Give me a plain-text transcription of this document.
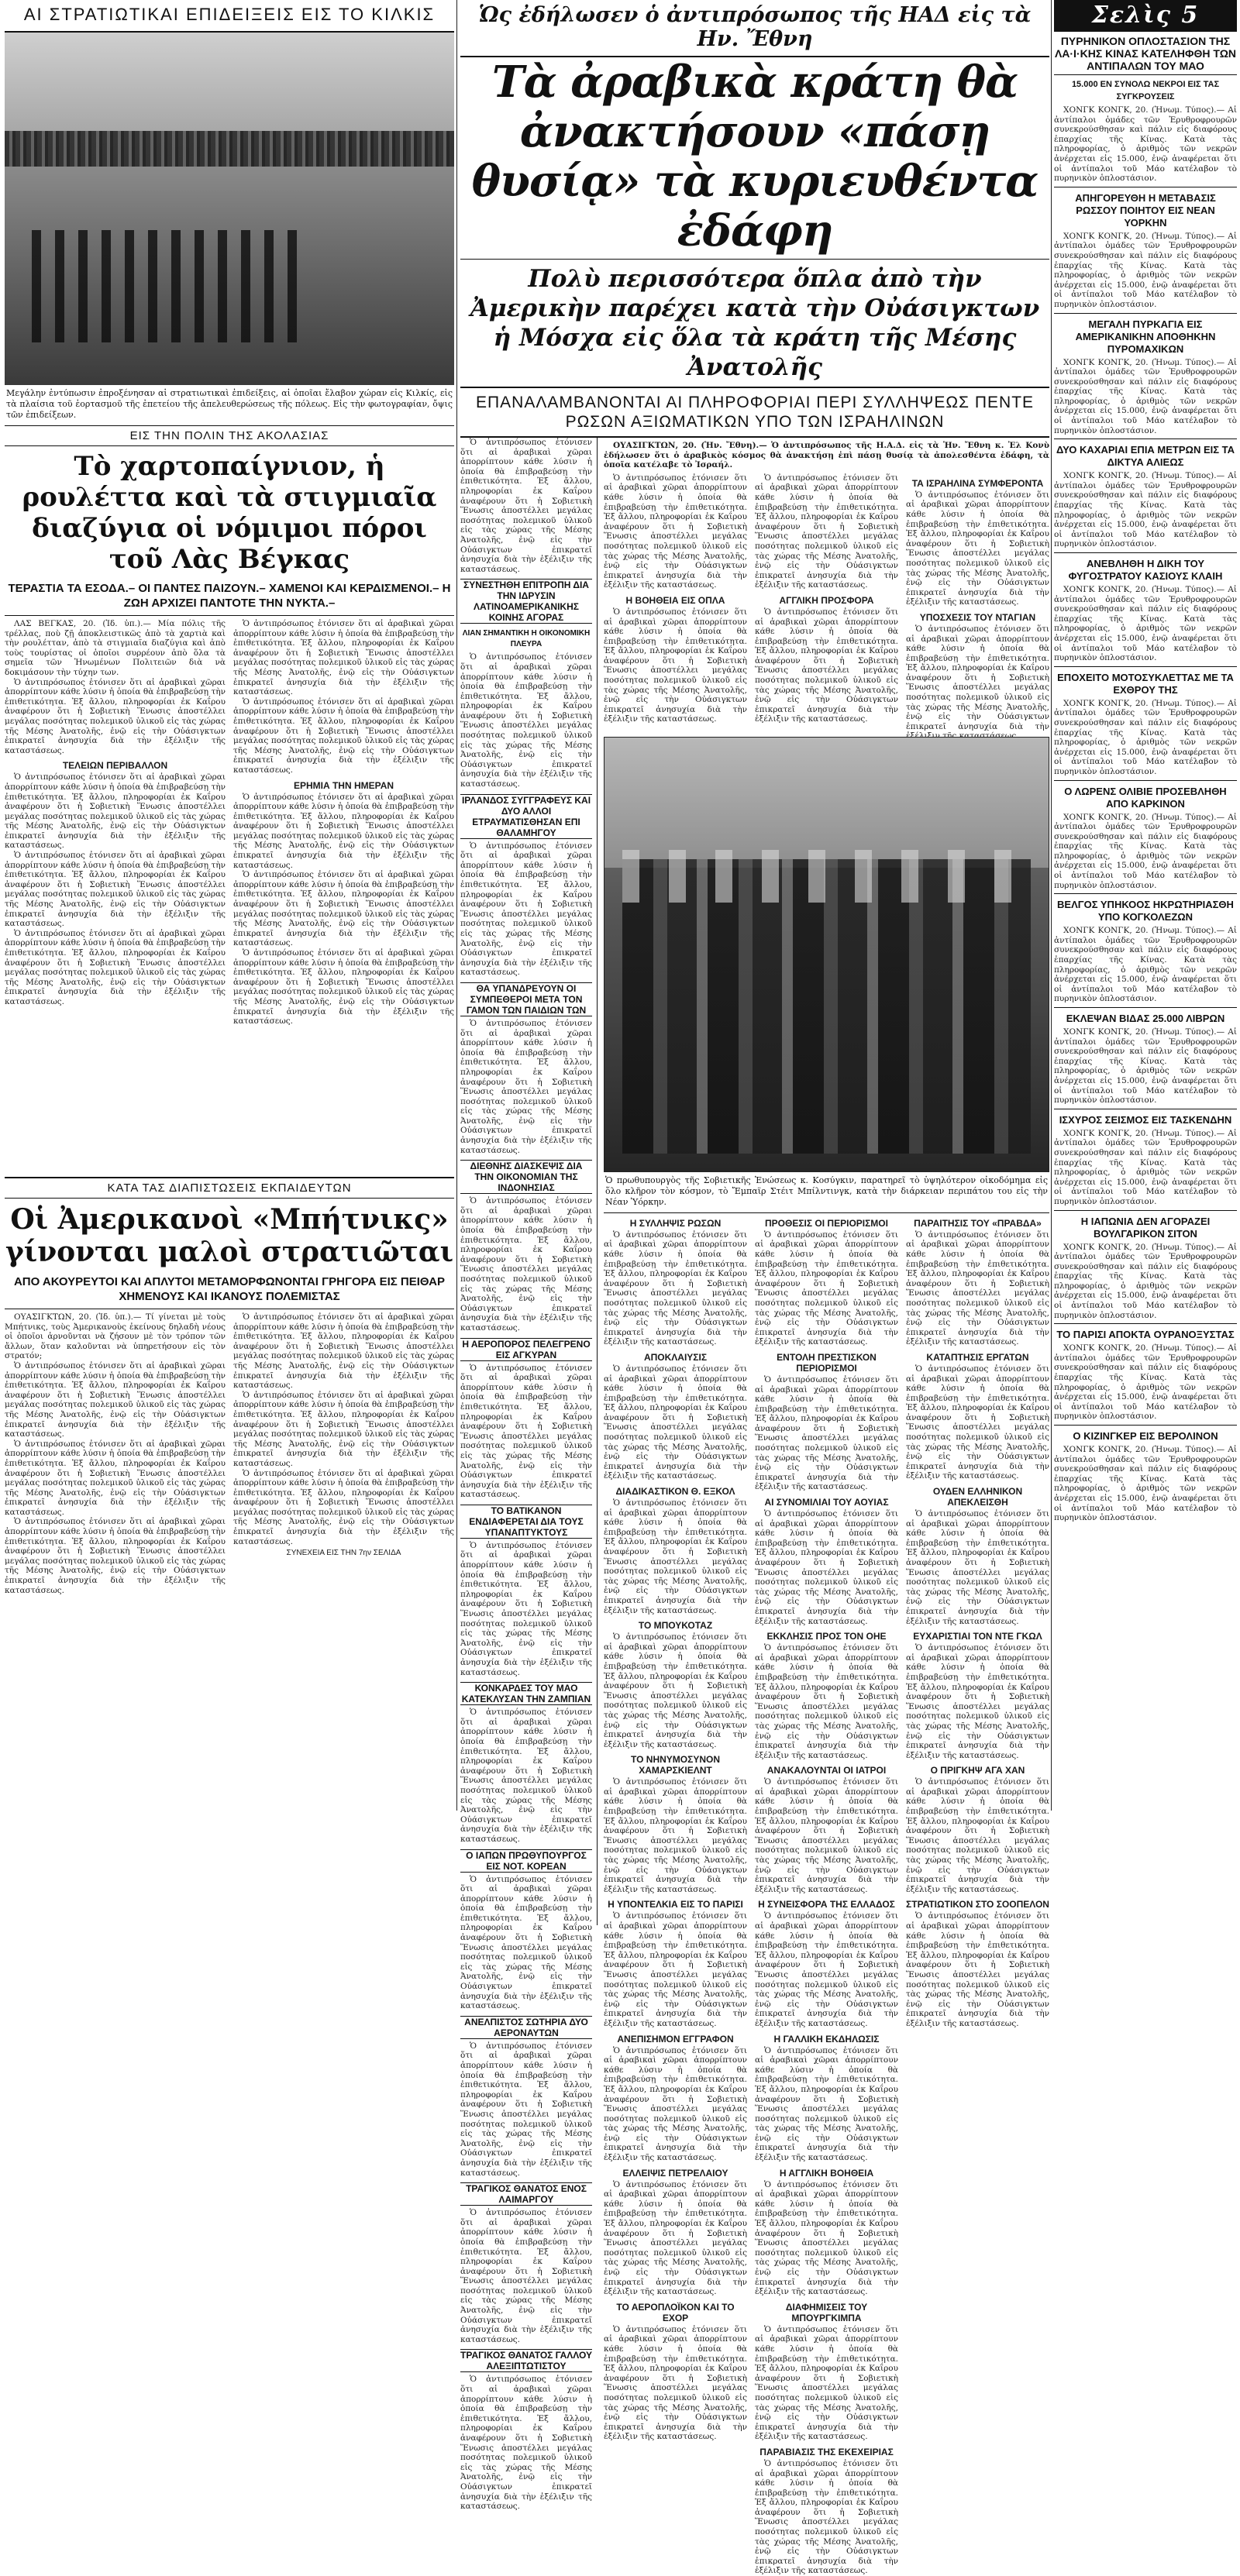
ΑΙ ΣΤΡΑΤΙΩΤΙΚΑΙ ΕΠΙΔΕΙΞΕΙΣ ΕΙΣ ΤΟ ΚΙΛΚΙΣ
Μεγάλην ἐντύπωσιν ἐπροξένησαν αἱ στρατιωτικαὶ ἐπιδείξεις, αἱ ὁποῖαι ἔλαβον χώραν εἰς Κιλκίς, εἰς τὰ πλαίσια τοῦ ἑορτασμοῦ τῆς ἐπετείου τῆς ἀπελευθερώσεως τῆς πόλεως. Εἰς τὴν φωτογραφίαν, ὄψις τῶν ἐπιδείξεων.
ΕΙΣ ΤΗΝ ΠΟΛΙΝ ΤΗΣ ΑΚΟΛΑΣΙΑΣ
Τὸ χαρτοπαίγνιον, ἡ ρουλέττα καὶ τὰ στιγμιαῖα διαζύγια οἱ νόμιμοι πόροι τοῦ Λὰς Βέγκας
ΤΕΡΑΣΤΙΑ ΤΑ ΕΣΟΔΑ.– ΟΙ ΠΑΝΤΕΣ ΠΑΙΖΟΥΝ.– ΧΑΜΕΝΟΙ ΚΑΙ ΚΕΡΔΙΣΜΕΝΟΙ.– Η ΖΩΗ ΑΡΧΙΖΕΙ ΠΑΝΤΟΤΕ ΤΗΝ ΝΥΚΤΑ.–

ΛΑΣ ΒΕΓΚΑΣ, 20. (Ἰδ. ὑπ.).— Μία πόλις τῆς τρέλλας, ποὺ ζῇ ἀποκλειστικῶς ἀπὸ τὰ χαρτιὰ καὶ τὴν ρουλέτταν, ἀπὸ τὰ στιγμιαῖα διαζύγια καὶ ἀπὸ τοὺς τουρίστας οἱ ὁποῖοι συρρέουν ἀπὸ ὅλα τὰ σημεῖα τῶν Ἡνωμένων Πολιτειῶν διὰ νὰ δοκιμάσουν τὴν τύχην των.

Ὁ ἀντιπρόσωπος ἐτόνισεν ὅτι αἱ ἀραβικαὶ χῶραι ἀπορρίπτουν κάθε λύσιν ἡ ὁποία θὰ ἐπιβραβεύσῃ τὴν ἐπιθετικότητα. Ἐξ ἄλλου, πληροφορίαι ἐκ Καΐρου ἀναφέρουν ὅτι ἡ Σοβιετικὴ Ἕνωσις ἀποστέλλει μεγάλας ποσότητας πολεμικοῦ ὑλικοῦ εἰς τὰς χώρας τῆς Μέσης Ἀνατολῆς, ἐνῷ εἰς τὴν Οὐάσιγκτων ἐπικρατεῖ ἀνησυχία διὰ τὴν ἐξέλιξιν τῆς καταστάσεως.

ΤΕΛΕΙΩΝ ΠΕΡΙΒΑΛΛΟΝ

Ὁ ἀντιπρόσωπος ἐτόνισεν ὅτι αἱ ἀραβικαὶ χῶραι ἀπορρίπτουν κάθε λύσιν ἡ ὁποία θὰ ἐπιβραβεύσῃ τὴν ἐπιθετικότητα. Ἐξ ἄλλου, πληροφορίαι ἐκ Καΐρου ἀναφέρουν ὅτι ἡ Σοβιετικὴ Ἕνωσις ἀποστέλλει μεγάλας ποσότητας πολεμικοῦ ὑλικοῦ εἰς τὰς χώρας τῆς Μέσης Ἀνατολῆς, ἐνῷ εἰς τὴν Οὐάσιγκτων ἐπικρατεῖ ἀνησυχία διὰ τὴν ἐξέλιξιν τῆς καταστάσεως.

Ὁ ἀντιπρόσωπος ἐτόνισεν ὅτι αἱ ἀραβικαὶ χῶραι ἀπορρίπτουν κάθε λύσιν ἡ ὁποία θὰ ἐπιβραβεύσῃ τὴν ἐπιθετικότητα. Ἐξ ἄλλου, πληροφορίαι ἐκ Καΐρου ἀναφέρουν ὅτι ἡ Σοβιετικὴ Ἕνωσις ἀποστέλλει μεγάλας ποσότητας πολεμικοῦ ὑλικοῦ εἰς τὰς χώρας τῆς Μέσης Ἀνατολῆς, ἐνῷ εἰς τὴν Οὐάσιγκτων ἐπικρατεῖ ἀνησυχία διὰ τὴν ἐξέλιξιν τῆς καταστάσεως.

Ὁ ἀντιπρόσωπος ἐτόνισεν ὅτι αἱ ἀραβικαὶ χῶραι ἀπορρίπτουν κάθε λύσιν ἡ ὁποία θὰ ἐπιβραβεύσῃ τὴν ἐπιθετικότητα. Ἐξ ἄλλου, πληροφορίαι ἐκ Καΐρου ἀναφέρουν ὅτι ἡ Σοβιετικὴ Ἕνωσις ἀποστέλλει μεγάλας ποσότητας πολεμικοῦ ὑλικοῦ εἰς τὰς χώρας τῆς Μέσης Ἀνατολῆς, ἐνῷ εἰς τὴν Οὐάσιγκτων ἐπικρατεῖ ἀνησυχία διὰ τὴν ἐξέλιξιν τῆς καταστάσεως.

Ὁ ἀντιπρόσωπος ἐτόνισεν ὅτι αἱ ἀραβικαὶ χῶραι ἀπορρίπτουν κάθε λύσιν ἡ ὁποία θὰ ἐπιβραβεύσῃ τὴν ἐπιθετικότητα. Ἐξ ἄλλου, πληροφορίαι ἐκ Καΐρου ἀναφέρουν ὅτι ἡ Σοβιετικὴ Ἕνωσις ἀποστέλλει μεγάλας ποσότητας πολεμικοῦ ὑλικοῦ εἰς τὰς χώρας τῆς Μέσης Ἀνατολῆς, ἐνῷ εἰς τὴν Οὐάσιγκτων ἐπικρατεῖ ἀνησυχία διὰ τὴν ἐξέλιξιν τῆς καταστάσεως.

Ὁ ἀντιπρόσωπος ἐτόνισεν ὅτι αἱ ἀραβικαὶ χῶραι ἀπορρίπτουν κάθε λύσιν ἡ ὁποία θὰ ἐπιβραβεύσῃ τὴν ἐπιθετικότητα. Ἐξ ἄλλου, πληροφορίαι ἐκ Καΐρου ἀναφέρουν ὅτι ἡ Σοβιετικὴ Ἕνωσις ἀποστέλλει μεγάλας ποσότητας πολεμικοῦ ὑλικοῦ εἰς τὰς χώρας τῆς Μέσης Ἀνατολῆς, ἐνῷ εἰς τὴν Οὐάσιγκτων ἐπικρατεῖ ἀνησυχία διὰ τὴν ἐξέλιξιν τῆς καταστάσεως.

ΕΡΗΜΙΑ ΤΗΝ ΗΜΕΡΑΝ

Ὁ ἀντιπρόσωπος ἐτόνισεν ὅτι αἱ ἀραβικαὶ χῶραι ἀπορρίπτουν κάθε λύσιν ἡ ὁποία θὰ ἐπιβραβεύσῃ τὴν ἐπιθετικότητα. Ἐξ ἄλλου, πληροφορίαι ἐκ Καΐρου ἀναφέρουν ὅτι ἡ Σοβιετικὴ Ἕνωσις ἀποστέλλει μεγάλας ποσότητας πολεμικοῦ ὑλικοῦ εἰς τὰς χώρας τῆς Μέσης Ἀνατολῆς, ἐνῷ εἰς τὴν Οὐάσιγκτων ἐπικρατεῖ ἀνησυχία διὰ τὴν ἐξέλιξιν τῆς καταστάσεως.

Ὁ ἀντιπρόσωπος ἐτόνισεν ὅτι αἱ ἀραβικαὶ χῶραι ἀπορρίπτουν κάθε λύσιν ἡ ὁποία θὰ ἐπιβραβεύσῃ τὴν ἐπιθετικότητα. Ἐξ ἄλλου, πληροφορίαι ἐκ Καΐρου ἀναφέρουν ὅτι ἡ Σοβιετικὴ Ἕνωσις ἀποστέλλει μεγάλας ποσότητας πολεμικοῦ ὑλικοῦ εἰς τὰς χώρας τῆς Μέσης Ἀνατολῆς, ἐνῷ εἰς τὴν Οὐάσιγκτων ἐπικρατεῖ ἀνησυχία διὰ τὴν ἐξέλιξιν τῆς καταστάσεως.

Ὁ ἀντιπρόσωπος ἐτόνισεν ὅτι αἱ ἀραβικαὶ χῶραι ἀπορρίπτουν κάθε λύσιν ἡ ὁποία θὰ ἐπιβραβεύσῃ τὴν ἐπιθετικότητα. Ἐξ ἄλλου, πληροφορίαι ἐκ Καΐρου ἀναφέρουν ὅτι ἡ Σοβιετικὴ Ἕνωσις ἀποστέλλει μεγάλας ποσότητας πολεμικοῦ ὑλικοῦ εἰς τὰς χώρας τῆς Μέσης Ἀνατολῆς, ἐνῷ εἰς τὴν Οὐάσιγκτων ἐπικρατεῖ ἀνησυχία διὰ τὴν ἐξέλιξιν τῆς καταστάσεως.

ΚΑΤΑ ΤΑΣ ΔΙΑΠΙΣΤΩΣΕΙΣ ΕΚΠΑΙΔΕΥΤΩΝ
Οἱ Ἀμερικανοὶ «Μπήτνικς» γίνονται μαλοὶ στρατιῶται
ΑΠΟ ΑΚΟΥΡΕΥΤΟΙ ΚΑΙ ΑΠΛΥΤΟΙ ΜΕΤΑΜΟΡΦΩΝΟΝΤΑΙ ΓΡΗΓΟΡΑ ΕΙΣ ΠΕΙΘΑΡ ΧΗΜΕΝΟΥΣ ΚΑΙ ΙΚΑΝΟΥΣ ΠΟΛΕΜΙΣΤΑΣ

ΟΥΑΣΙΓΚΤΩΝ, 20. (Ἰδ. ὑπ.).— Τί γίνεται μὲ τοὺς Μπήτνικς, τοὺς Ἀμερικανοὺς ἐκείνους δηλαδὴ νέους οἱ ὁποῖοι ἀρνοῦνται νὰ ζήσουν μὲ τὸν τρόπον τῶν ἄλλων, ὅταν καλοῦνται νὰ ὑπηρετήσουν εἰς τὸν στρατόν;

Ὁ ἀντιπρόσωπος ἐτόνισεν ὅτι αἱ ἀραβικαὶ χῶραι ἀπορρίπτουν κάθε λύσιν ἡ ὁποία θὰ ἐπιβραβεύσῃ τὴν ἐπιθετικότητα. Ἐξ ἄλλου, πληροφορίαι ἐκ Καΐρου ἀναφέρουν ὅτι ἡ Σοβιετικὴ Ἕνωσις ἀποστέλλει μεγάλας ποσότητας πολεμικοῦ ὑλικοῦ εἰς τὰς χώρας τῆς Μέσης Ἀνατολῆς, ἐνῷ εἰς τὴν Οὐάσιγκτων ἐπικρατεῖ ἀνησυχία διὰ τὴν ἐξέλιξιν τῆς καταστάσεως.

Ὁ ἀντιπρόσωπος ἐτόνισεν ὅτι αἱ ἀραβικαὶ χῶραι ἀπορρίπτουν κάθε λύσιν ἡ ὁποία θὰ ἐπιβραβεύσῃ τὴν ἐπιθετικότητα. Ἐξ ἄλλου, πληροφορίαι ἐκ Καΐρου ἀναφέρουν ὅτι ἡ Σοβιετικὴ Ἕνωσις ἀποστέλλει μεγάλας ποσότητας πολεμικοῦ ὑλικοῦ εἰς τὰς χώρας τῆς Μέσης Ἀνατολῆς, ἐνῷ εἰς τὴν Οὐάσιγκτων ἐπικρατεῖ ἀνησυχία διὰ τὴν ἐξέλιξιν τῆς καταστάσεως.

Ὁ ἀντιπρόσωπος ἐτόνισεν ὅτι αἱ ἀραβικαὶ χῶραι ἀπορρίπτουν κάθε λύσιν ἡ ὁποία θὰ ἐπιβραβεύσῃ τὴν ἐπιθετικότητα. Ἐξ ἄλλου, πληροφορίαι ἐκ Καΐρου ἀναφέρουν ὅτι ἡ Σοβιετικὴ Ἕνωσις ἀποστέλλει μεγάλας ποσότητας πολεμικοῦ ὑλικοῦ εἰς τὰς χώρας τῆς Μέσης Ἀνατολῆς, ἐνῷ εἰς τὴν Οὐάσιγκτων ἐπικρατεῖ ἀνησυχία διὰ τὴν ἐξέλιξιν τῆς καταστάσεως.

Ὁ ἀντιπρόσωπος ἐτόνισεν ὅτι αἱ ἀραβικαὶ χῶραι ἀπορρίπτουν κάθε λύσιν ἡ ὁποία θὰ ἐπιβραβεύσῃ τὴν ἐπιθετικότητα. Ἐξ ἄλλου, πληροφορίαι ἐκ Καΐρου ἀναφέρουν ὅτι ἡ Σοβιετικὴ Ἕνωσις ἀποστέλλει μεγάλας ποσότητας πολεμικοῦ ὑλικοῦ εἰς τὰς χώρας τῆς Μέσης Ἀνατολῆς, ἐνῷ εἰς τὴν Οὐάσιγκτων ἐπικρατεῖ ἀνησυχία διὰ τὴν ἐξέλιξιν τῆς καταστάσεως.

Ὁ ἀντιπρόσωπος ἐτόνισεν ὅτι αἱ ἀραβικαὶ χῶραι ἀπορρίπτουν κάθε λύσιν ἡ ὁποία θὰ ἐπιβραβεύσῃ τὴν ἐπιθετικότητα. Ἐξ ἄλλου, πληροφορίαι ἐκ Καΐρου ἀναφέρουν ὅτι ἡ Σοβιετικὴ Ἕνωσις ἀποστέλλει μεγάλας ποσότητας πολεμικοῦ ὑλικοῦ εἰς τὰς χώρας τῆς Μέσης Ἀνατολῆς, ἐνῷ εἰς τὴν Οὐάσιγκτων ἐπικρατεῖ ἀνησυχία διὰ τὴν ἐξέλιξιν τῆς καταστάσεως.

Ὁ ἀντιπρόσωπος ἐτόνισεν ὅτι αἱ ἀραβικαὶ χῶραι ἀπορρίπτουν κάθε λύσιν ἡ ὁποία θὰ ἐπιβραβεύσῃ τὴν ἐπιθετικότητα. Ἐξ ἄλλου, πληροφορίαι ἐκ Καΐρου ἀναφέρουν ὅτι ἡ Σοβιετικὴ Ἕνωσις ἀποστέλλει μεγάλας ποσότητας πολεμικοῦ ὑλικοῦ εἰς τὰς χώρας τῆς Μέσης Ἀνατολῆς, ἐνῷ εἰς τὴν Οὐάσιγκτων ἐπικρατεῖ ἀνησυχία διὰ τὴν ἐξέλιξιν τῆς καταστάσεως.

ΣΥΝΕΧΕΙΑ ΕΙΣ ΤΗΝ 7ην ΣΕΛΙΔΑ
Ὡς ἐδήλωσεν ὁ ἀντιπρόσωπος τῆς ΗΑΔ εἰς τὰ Ην. Ἔθνη
Τὰ ἀραβικὰ κράτη θὰ ἀνακτήσουν «πάσῃ θυσίᾳ» τὰ κυριευθέντα ἐδάφη
Πολὺ περισσότερα ὅπλα ἀπὸ τὴν Ἀμερικὴν παρέχει κατὰ τὴν Οὐάσιγκτων ἡ Μόσχα εἰς ὅλα τὰ κράτη τῆς Μέσης Ἀνατολῆς
ΕΠΑΝΑΛΑΜΒΑΝΟΝΤΑΙ ΑΙ ΠΛΗΡΟΦΟΡΙΑΙ ΠΕΡΙ ΣΥΛΛΗΨΕΩΣ ΠΕΝΤΕ ΡΩΣΩΝ ΑΞΙΩΜΑΤΙΚΩΝ ΥΠΟ ΤΩΝ ΙΣΡΑΗΛΙΝΩΝ

Ὁ ἀντιπρόσωπος ἐτόνισεν ὅτι αἱ ἀραβικαὶ χῶραι ἀπορρίπτουν κάθε λύσιν ἡ ὁποία θὰ ἐπιβραβεύσῃ τὴν ἐπιθετικότητα. Ἐξ ἄλλου, πληροφορίαι ἐκ Καΐρου ἀναφέρουν ὅτι ἡ Σοβιετικὴ Ἕνωσις ἀποστέλλει μεγάλας ποσότητας πολεμικοῦ ὑλικοῦ εἰς τὰς χώρας τῆς Μέσης Ἀνατολῆς, ἐνῷ εἰς τὴν Οὐάσιγκτων ἐπικρατεῖ ἀνησυχία διὰ τὴν ἐξέλιξιν τῆς καταστάσεως.

ΣΥΝΕΣΤΗΘΗ ΕΠΙΤΡΟΠΗ ΔΙΑ ΤΗΝ ΙΔΡΥΣΙΝ ΛΑΤΙΝΟΑΜΕΡΙΚΑΝΙΚΗΣ ΚΟΙΝΗΣ ΑΓΟΡΑΣ
ΛΙΑΝ ΣΗΜΑΝΤΙΚΗ Η ΟΙΚΟΝΟΜΙΚΗ ΠΛΕΥΡΑ

Ὁ ἀντιπρόσωπος ἐτόνισεν ὅτι αἱ ἀραβικαὶ χῶραι ἀπορρίπτουν κάθε λύσιν ἡ ὁποία θὰ ἐπιβραβεύσῃ τὴν ἐπιθετικότητα. Ἐξ ἄλλου, πληροφορίαι ἐκ Καΐρου ἀναφέρουν ὅτι ἡ Σοβιετικὴ Ἕνωσις ἀποστέλλει μεγάλας ποσότητας πολεμικοῦ ὑλικοῦ εἰς τὰς χώρας τῆς Μέσης Ἀνατολῆς, ἐνῷ εἰς τὴν Οὐάσιγκτων ἐπικρατεῖ ἀνησυχία διὰ τὴν ἐξέλιξιν τῆς καταστάσεως.

ΙΡΛΑΝΔΟΣ ΣΥΓΓΡΑΦΕΥΣ ΚΑΙ ΔΥΟ ΑΛΛΟΙ ΕΤΡΑΥΜΑΤΙΣΘΗΣΑΝ ΕΠΙ ΘΑΛΑΜΗΓΟΥ

Ὁ ἀντιπρόσωπος ἐτόνισεν ὅτι αἱ ἀραβικαὶ χῶραι ἀπορρίπτουν κάθε λύσιν ἡ ὁποία θὰ ἐπιβραβεύσῃ τὴν ἐπιθετικότητα. Ἐξ ἄλλου, πληροφορίαι ἐκ Καΐρου ἀναφέρουν ὅτι ἡ Σοβιετικὴ Ἕνωσις ἀποστέλλει μεγάλας ποσότητας πολεμικοῦ ὑλικοῦ εἰς τὰς χώρας τῆς Μέσης Ἀνατολῆς, ἐνῷ εἰς τὴν Οὐάσιγκτων ἐπικρατεῖ ἀνησυχία διὰ τὴν ἐξέλιξιν τῆς καταστάσεως.

ΘΑ ΥΠΑΝΔΡΕΥΟΥΝ ΟΙ ΣΥΜΠΕΘΕΡΟΙ ΜΕΤΑ ΤΟΝ ΓΑΜΟΝ ΤΩΝ ΠΑΙΔΙΩΝ ΤΩΝ

Ὁ ἀντιπρόσωπος ἐτόνισεν ὅτι αἱ ἀραβικαὶ χῶραι ἀπορρίπτουν κάθε λύσιν ἡ ὁποία θὰ ἐπιβραβεύσῃ τὴν ἐπιθετικότητα. Ἐξ ἄλλου, πληροφορίαι ἐκ Καΐρου ἀναφέρουν ὅτι ἡ Σοβιετικὴ Ἕνωσις ἀποστέλλει μεγάλας ποσότητας πολεμικοῦ ὑλικοῦ εἰς τὰς χώρας τῆς Μέσης Ἀνατολῆς, ἐνῷ εἰς τὴν Οὐάσιγκτων ἐπικρατεῖ ἀνησυχία διὰ τὴν ἐξέλιξιν τῆς καταστάσεως.

ΔΙΕΘΝΗΣ ΔΙΑΣΚΕΨΙΣ ΔΙΑ ΤΗΝ ΟΙΚΟΝΟΜΙΑΝ ΤΗΣ ΙΝΔΟΝΗΣΙΑΣ

Ὁ ἀντιπρόσωπος ἐτόνισεν ὅτι αἱ ἀραβικαὶ χῶραι ἀπορρίπτουν κάθε λύσιν ἡ ὁποία θὰ ἐπιβραβεύσῃ τὴν ἐπιθετικότητα. Ἐξ ἄλλου, πληροφορίαι ἐκ Καΐρου ἀναφέρουν ὅτι ἡ Σοβιετικὴ Ἕνωσις ἀποστέλλει μεγάλας ποσότητας πολεμικοῦ ὑλικοῦ εἰς τὰς χώρας τῆς Μέσης Ἀνατολῆς, ἐνῷ εἰς τὴν Οὐάσιγκτων ἐπικρατεῖ ἀνησυχία διὰ τὴν ἐξέλιξιν τῆς καταστάσεως.

Η ΑΕΡΟΠΟΡΟΣ ΠΕΛΕΓΡΕΝΟ ΕΙΣ ΑΓΚΥΡΑΝ

Ὁ ἀντιπρόσωπος ἐτόνισεν ὅτι αἱ ἀραβικαὶ χῶραι ἀπορρίπτουν κάθε λύσιν ἡ ὁποία θὰ ἐπιβραβεύσῃ τὴν ἐπιθετικότητα. Ἐξ ἄλλου, πληροφορίαι ἐκ Καΐρου ἀναφέρουν ὅτι ἡ Σοβιετικὴ Ἕνωσις ἀποστέλλει μεγάλας ποσότητας πολεμικοῦ ὑλικοῦ εἰς τὰς χώρας τῆς Μέσης Ἀνατολῆς, ἐνῷ εἰς τὴν Οὐάσιγκτων ἐπικρατεῖ ἀνησυχία διὰ τὴν ἐξέλιξιν τῆς καταστάσεως.

ΤΟ ΒΑΤΙΚΑΝΟΝ ΕΝΔΙΑΦΕΡΕΤΑΙ ΔΙΑ ΤΟΥΣ ΥΠΑΝΑΠΤΥΚΤΟΥΣ

Ὁ ἀντιπρόσωπος ἐτόνισεν ὅτι αἱ ἀραβικαὶ χῶραι ἀπορρίπτουν κάθε λύσιν ἡ ὁποία θὰ ἐπιβραβεύσῃ τὴν ἐπιθετικότητα. Ἐξ ἄλλου, πληροφορίαι ἐκ Καΐρου ἀναφέρουν ὅτι ἡ Σοβιετικὴ Ἕνωσις ἀποστέλλει μεγάλας ποσότητας πολεμικοῦ ὑλικοῦ εἰς τὰς χώρας τῆς Μέσης Ἀνατολῆς, ἐνῷ εἰς τὴν Οὐάσιγκτων ἐπικρατεῖ ἀνησυχία διὰ τὴν ἐξέλιξιν τῆς καταστάσεως.

ΚΟΝΚΑΡΔΕΣ ΤΟΥ ΜΑΟ ΚΑΤΕΚΛΥΣΑΝ ΤΗΝ ΖΑΜΠΙΑΝ

Ὁ ἀντιπρόσωπος ἐτόνισεν ὅτι αἱ ἀραβικαὶ χῶραι ἀπορρίπτουν κάθε λύσιν ἡ ὁποία θὰ ἐπιβραβεύσῃ τὴν ἐπιθετικότητα. Ἐξ ἄλλου, πληροφορίαι ἐκ Καΐρου ἀναφέρουν ὅτι ἡ Σοβιετικὴ Ἕνωσις ἀποστέλλει μεγάλας ποσότητας πολεμικοῦ ὑλικοῦ εἰς τὰς χώρας τῆς Μέσης Ἀνατολῆς, ἐνῷ εἰς τὴν Οὐάσιγκτων ἐπικρατεῖ ἀνησυχία διὰ τὴν ἐξέλιξιν τῆς καταστάσεως.

Ο ΙΑΠΩΝ ΠΡΩΘΥΠΟΥΡΓΟΣ ΕΙΣ ΝΟΤ. ΚΟΡΕΑΝ

Ὁ ἀντιπρόσωπος ἐτόνισεν ὅτι αἱ ἀραβικαὶ χῶραι ἀπορρίπτουν κάθε λύσιν ἡ ὁποία θὰ ἐπιβραβεύσῃ τὴν ἐπιθετικότητα. Ἐξ ἄλλου, πληροφορίαι ἐκ Καΐρου ἀναφέρουν ὅτι ἡ Σοβιετικὴ Ἕνωσις ἀποστέλλει μεγάλας ποσότητας πολεμικοῦ ὑλικοῦ εἰς τὰς χώρας τῆς Μέσης Ἀνατολῆς, ἐνῷ εἰς τὴν Οὐάσιγκτων ἐπικρατεῖ ἀνησυχία διὰ τὴν ἐξέλιξιν τῆς καταστάσεως.

ΑΝΕΛΠΙΣΤΟΣ ΣΩΤΗΡΙΑ ΔΥΟ ΑΕΡΟΝΑΥΤΩΝ

Ὁ ἀντιπρόσωπος ἐτόνισεν ὅτι αἱ ἀραβικαὶ χῶραι ἀπορρίπτουν κάθε λύσιν ἡ ὁποία θὰ ἐπιβραβεύσῃ τὴν ἐπιθετικότητα. Ἐξ ἄλλου, πληροφορίαι ἐκ Καΐρου ἀναφέρουν ὅτι ἡ Σοβιετικὴ Ἕνωσις ἀποστέλλει μεγάλας ποσότητας πολεμικοῦ ὑλικοῦ εἰς τὰς χώρας τῆς Μέσης Ἀνατολῆς, ἐνῷ εἰς τὴν Οὐάσιγκτων ἐπικρατεῖ ἀνησυχία διὰ τὴν ἐξέλιξιν τῆς καταστάσεως.

ΤΡΑΓΙΚΟΣ ΘΑΝΑΤΟΣ ΕΝΟΣ ΛΑΙΜΑΡΓΟΥ

Ὁ ἀντιπρόσωπος ἐτόνισεν ὅτι αἱ ἀραβικαὶ χῶραι ἀπορρίπτουν κάθε λύσιν ἡ ὁποία θὰ ἐπιβραβεύσῃ τὴν ἐπιθετικότητα. Ἐξ ἄλλου, πληροφορίαι ἐκ Καΐρου ἀναφέρουν ὅτι ἡ Σοβιετικὴ Ἕνωσις ἀποστέλλει μεγάλας ποσότητας πολεμικοῦ ὑλικοῦ εἰς τὰς χώρας τῆς Μέσης Ἀνατολῆς, ἐνῷ εἰς τὴν Οὐάσιγκτων ἐπικρατεῖ ἀνησυχία διὰ τὴν ἐξέλιξιν τῆς καταστάσεως.

ΤΡΑΓΙΚΟΣ ΘΑΝΑΤΟΣ ΓΑΛΛΟΥ ΑΛΕΞΙΠΤΩΤΙΣΤΟΥ

Ὁ ἀντιπρόσωπος ἐτόνισεν ὅτι αἱ ἀραβικαὶ χῶραι ἀπορρίπτουν κάθε λύσιν ἡ ὁποία θὰ ἐπιβραβεύσῃ τὴν ἐπιθετικότητα. Ἐξ ἄλλου, πληροφορίαι ἐκ Καΐρου ἀναφέρουν ὅτι ἡ Σοβιετικὴ Ἕνωσις ἀποστέλλει μεγάλας ποσότητας πολεμικοῦ ὑλικοῦ εἰς τὰς χώρας τῆς Μέσης Ἀνατολῆς, ἐνῷ εἰς τὴν Οὐάσιγκτων ἐπικρατεῖ ἀνησυχία διὰ τὴν ἐξέλιξιν τῆς καταστάσεως.

ΟΥΑΣΙΓΚΤΩΝ, 20. (Ἡν. Ἔθνη).— Ὁ ἀντιπρόσωπος τῆς Η.Α.Δ. εἰς τὰ Ἡν. Ἔθνη κ. Ἐλ Κονὺ ἐδήλωσεν ὅτι ὁ ἀραβικὸς κόσμος θὰ ἀνακτήσῃ ἐπὶ πάσῃ θυσίᾳ τὰ ἀπολεσθέντα ἐδάφη, τὰ ὁποῖα κατέλαβε τὸ Ἰσραήλ.

Ὁ ἀντιπρόσωπος ἐτόνισεν ὅτι αἱ ἀραβικαὶ χῶραι ἀπορρίπτουν κάθε λύσιν ἡ ὁποία θὰ ἐπιβραβεύσῃ τὴν ἐπιθετικότητα. Ἐξ ἄλλου, πληροφορίαι ἐκ Καΐρου ἀναφέρουν ὅτι ἡ Σοβιετικὴ Ἕνωσις ἀποστέλλει μεγάλας ποσότητας πολεμικοῦ ὑλικοῦ εἰς τὰς χώρας τῆς Μέσης Ἀνατολῆς, ἐνῷ εἰς τὴν Οὐάσιγκτων ἐπικρατεῖ ἀνησυχία διὰ τὴν ἐξέλιξιν τῆς καταστάσεως.

Η ΒΟΗΘΕΙΑ ΕΙΣ ΟΠΛΑ

Ὁ ἀντιπρόσωπος ἐτόνισεν ὅτι αἱ ἀραβικαὶ χῶραι ἀπορρίπτουν κάθε λύσιν ἡ ὁποία θὰ ἐπιβραβεύσῃ τὴν ἐπιθετικότητα. Ἐξ ἄλλου, πληροφορίαι ἐκ Καΐρου ἀναφέρουν ὅτι ἡ Σοβιετικὴ Ἕνωσις ἀποστέλλει μεγάλας ποσότητας πολεμικοῦ ὑλικοῦ εἰς τὰς χώρας τῆς Μέσης Ἀνατολῆς, ἐνῷ εἰς τὴν Οὐάσιγκτων ἐπικρατεῖ ἀνησυχία διὰ τὴν ἐξέλιξιν τῆς καταστάσεως.

Ὁ ἀντιπρόσωπος ἐτόνισεν ὅτι αἱ ἀραβικαὶ χῶραι ἀπορρίπτουν κάθε λύσιν ἡ ὁποία θὰ ἐπιβραβεύσῃ τὴν ἐπιθετικότητα. Ἐξ ἄλλου, πληροφορίαι ἐκ Καΐρου ἀναφέρουν ὅτι ἡ Σοβιετικὴ Ἕνωσις ἀποστέλλει μεγάλας ποσότητας πολεμικοῦ ὑλικοῦ εἰς τὰς χώρας τῆς Μέσης Ἀνατολῆς, ἐνῷ εἰς τὴν Οὐάσιγκτων ἐπικρατεῖ ἀνησυχία διὰ τὴν ἐξέλιξιν τῆς καταστάσεως.

ΑΓΓΛΙΚΗ ΠΡΟΣΦΟΡΑ

Ὁ ἀντιπρόσωπος ἐτόνισεν ὅτι αἱ ἀραβικαὶ χῶραι ἀπορρίπτουν κάθε λύσιν ἡ ὁποία θὰ ἐπιβραβεύσῃ τὴν ἐπιθετικότητα. Ἐξ ἄλλου, πληροφορίαι ἐκ Καΐρου ἀναφέρουν ὅτι ἡ Σοβιετικὴ Ἕνωσις ἀποστέλλει μεγάλας ποσότητας πολεμικοῦ ὑλικοῦ εἰς τὰς χώρας τῆς Μέσης Ἀνατολῆς, ἐνῷ εἰς τὴν Οὐάσιγκτων ἐπικρατεῖ ἀνησυχία διὰ τὴν ἐξέλιξιν τῆς καταστάσεως.

ΤΑ ΙΣΡΑΗΛΙΝΑ ΣΥΜΦΕΡΟΝΤΑ

Ὁ ἀντιπρόσωπος ἐτόνισεν ὅτι αἱ ἀραβικαὶ χῶραι ἀπορρίπτουν κάθε λύσιν ἡ ὁποία θὰ ἐπιβραβεύσῃ τὴν ἐπιθετικότητα. Ἐξ ἄλλου, πληροφορίαι ἐκ Καΐρου ἀναφέρουν ὅτι ἡ Σοβιετικὴ Ἕνωσις ἀποστέλλει μεγάλας ποσότητας πολεμικοῦ ὑλικοῦ εἰς τὰς χώρας τῆς Μέσης Ἀνατολῆς, ἐνῷ εἰς τὴν Οὐάσιγκτων ἐπικρατεῖ ἀνησυχία διὰ τὴν ἐξέλιξιν τῆς καταστάσεως.

ΥΠΟΣΧΕΣΙΣ ΤΟΥ ΝΤΑΓΙΑΝ

Ὁ ἀντιπρόσωπος ἐτόνισεν ὅτι αἱ ἀραβικαὶ χῶραι ἀπορρίπτουν κάθε λύσιν ἡ ὁποία θὰ ἐπιβραβεύσῃ τὴν ἐπιθετικότητα. Ἐξ ἄλλου, πληροφορίαι ἐκ Καΐρου ἀναφέρουν ὅτι ἡ Σοβιετικὴ Ἕνωσις ἀποστέλλει μεγάλας ποσότητας πολεμικοῦ ὑλικοῦ εἰς τὰς χώρας τῆς Μέσης Ἀνατολῆς, ἐνῷ εἰς τὴν Οὐάσιγκτων ἐπικρατεῖ ἀνησυχία διὰ τὴν

Ὁ πρωθυπουργὸς τῆς Σοβιετικῆς Ἑνώσεως κ. Κοσύγκιν, παρατηρεῖ τὸ ὑψηλότερον οἰκοδόμημα εἰς ὅλο κλῆρον τὸν κόσμον, τὸ Ἔμπαϊρ Στέιτ Μπίλντινγκ, κατὰ τὴν διάρκειαν περιπάτου του εἰς τὴν Νέαν Ὑόρκην.
Η ΣΥΛΛΗΨΙΣ ΡΩΣΩΝ

Ὁ ἀντιπρόσωπος ἐτόνισεν ὅτι αἱ ἀραβικαὶ χῶραι ἀπορρίπτουν κάθε λύσιν ἡ ὁποία θὰ ἐπιβραβεύσῃ τὴν ἐπιθετικότητα. Ἐξ ἄλλου, πληροφορίαι ἐκ Καΐρου ἀναφέρουν ὅτι ἡ Σοβιετικὴ Ἕνωσις ἀποστέλλει μεγάλας ποσότητας πολεμικοῦ ὑλικοῦ εἰς τὰς χώρας τῆς Μέσης Ἀνατολῆς, ἐνῷ εἰς τὴν Οὐάσιγκτων ἐπικρατεῖ ἀνησυχία διὰ τὴν ἐξέλιξιν τῆς καταστάσεως.

ΑΠΟΚΛΑΙΥΣΙΣ

Ὁ ἀντιπρόσωπος ἐτόνισεν ὅτι αἱ ἀραβικαὶ χῶραι ἀπορρίπτουν κάθε λύσιν ἡ ὁποία θὰ ἐπιβραβεύσῃ τὴν ἐπιθετικότητα. Ἐξ ἄλλου, πληροφορίαι ἐκ Καΐρου ἀναφέρουν ὅτι ἡ Σοβιετικὴ Ἕνωσις ἀποστέλλει μεγάλας ποσότητας πολεμικοῦ ὑλικοῦ εἰς τὰς χώρας τῆς Μέσης Ἀνατολῆς, ἐνῷ εἰς τὴν Οὐάσιγκτων ἐπικρατεῖ ἀνησυχία διὰ τὴν ἐξέλιξιν τῆς καταστάσεως.

ΔΙΑΔΙΚΑΣΤΙΚΟΝ Θ. ΕΞΚΟΛ

Ὁ ἀντιπρόσωπος ἐτόνισεν ὅτι αἱ ἀραβικαὶ χῶραι ἀπορρίπτουν κάθε λύσιν ἡ ὁποία θὰ ἐπιβραβεύσῃ τὴν ἐπιθετικότητα. Ἐξ ἄλλου, πληροφορίαι ἐκ Καΐρου ἀναφέρουν ὅτι ἡ Σοβιετικὴ Ἕνωσις ἀποστέλλει μεγάλας ποσότητας πολεμικοῦ ὑλικοῦ εἰς τὰς χώρας τῆς Μέσης Ἀνατολῆς, ἐνῷ εἰς τὴν Οὐάσιγκτων ἐπικρατεῖ ἀνησυχία διὰ τὴν ἐξέλιξιν τῆς καταστάσεως.

ΤΟ ΜΠΟΥΚΟΤΑΖ

Ὁ ἀντιπρόσωπος ἐτόνισεν ὅτι αἱ ἀραβικαὶ χῶραι ἀπορρίπτουν κάθε λύσιν ἡ ὁποία θὰ ἐπιβραβεύσῃ τὴν ἐπιθετικότητα. Ἐξ ἄλλου, πληροφορίαι ἐκ Καΐρου ἀναφέρουν ὅτι ἡ Σοβιετικὴ Ἕνωσις ἀποστέλλει μεγάλας ποσότητας πολεμικοῦ ὑλικοῦ εἰς τὰς χώρας τῆς Μέσης Ἀνατολῆς, ἐνῷ εἰς τὴν Οὐάσιγκτων ἐπικρατεῖ ἀνησυχία διὰ τὴν ἐξέλιξιν τῆς καταστάσεως.

ΤΟ ΝΗΝΥΜΟΣΥΝΟΝ ΧΑΜΑΡΣΚΙΕΛΝΤ

Ὁ ἀντιπρόσωπος ἐτόνισεν ὅτι αἱ ἀραβικαὶ χῶραι ἀπορρίπτουν κάθε λύσιν ἡ ὁποία θὰ ἐπιβραβεύσῃ τὴν ἐπιθετικότητα. Ἐξ ἄλλου, πληροφορίαι ἐκ Καΐρου ἀναφέρουν ὅτι ἡ Σοβιετικὴ Ἕνωσις ἀποστέλλει μεγάλας ποσότητας πολεμικοῦ ὑλικοῦ εἰς τὰς χώρας τῆς Μέσης Ἀνατολῆς, ἐνῷ εἰς τὴν Οὐάσιγκτων ἐπικρατεῖ ἀνησυχία διὰ τὴν ἐξέλιξιν τῆς καταστάσεως.

Η ΥΠΟΝΤΕΛΚΙΑ ΕΙΣ ΤΟ ΠΑΡΙΣΙ

Ὁ ἀντιπρόσωπος ἐτόνισεν ὅτι αἱ ἀραβικαὶ χῶραι ἀπορρίπτουν κάθε λύσιν ἡ ὁποία θὰ ἐπιβραβεύσῃ τὴν ἐπιθετικότητα. Ἐξ ἄλλου, πληροφορίαι ἐκ Καΐρου ἀναφέρουν ὅτι ἡ Σοβιετικὴ Ἕνωσις ἀποστέλλει μεγάλας ποσότητας πολεμικοῦ ὑλικοῦ εἰς τὰς χώρας τῆς Μέσης Ἀνατολῆς, ἐνῷ εἰς τὴν Οὐάσιγκτων ἐπικρατεῖ ἀνησυχία διὰ τὴν ἐξέλιξιν τῆς καταστάσεως.

ΑΝΕΠΙΣΗΜΟΝ ΕΓΓΡΑΦΟΝ

Ὁ ἀντιπρόσωπος ἐτόνισεν ὅτι αἱ ἀραβικαὶ χῶραι ἀπορρίπτουν κάθε λύσιν ἡ ὁποία θὰ ἐπιβραβεύσῃ τὴν ἐπιθετικότητα. Ἐξ ἄλλου, πληροφορίαι ἐκ Καΐρου ἀναφέρουν ὅτι ἡ Σοβιετικὴ Ἕνωσις ἀποστέλλει μεγάλας ποσότητας πολεμικοῦ ὑλικοῦ εἰς τὰς χώρας τῆς Μέσης Ἀνατολῆς, ἐνῷ εἰς τὴν Οὐάσιγκτων ἐπικρατεῖ ἀνησυχία διὰ τὴν ἐξέλιξιν τῆς καταστάσεως.

ΕΛΛΕΙΨΙΣ ΠΕΤΡΕΛΑΙΟΥ

Ὁ ἀντιπρόσωπος ἐτόνισεν ὅτι αἱ ἀραβικαὶ χῶραι ἀπορρίπτουν κάθε λύσιν ἡ ὁποία θὰ ἐπιβραβεύσῃ τὴν ἐπιθετικότητα. Ἐξ ἄλλου, πληροφορίαι ἐκ Καΐρου ἀναφέρουν ὅτι ἡ Σοβιετικὴ Ἕνωσις ἀποστέλλει μεγάλας ποσότητας πολεμικοῦ ὑλικοῦ εἰς τὰς χώρας τῆς Μέσης Ἀνατολῆς, ἐνῷ εἰς τὴν Οὐάσιγκτων ἐπικρατεῖ ἀνησυχία διὰ τὴν ἐξέλιξιν τῆς καταστάσεως.

ΤΟ ΑΕΡΟΠΛΟΪΚΟΝ ΚΑΙ ΤΟ ΕΧΟΡ

Ὁ ἀντιπρόσωπος ἐτόνισεν ὅτι αἱ ἀραβικαὶ χῶραι ἀπορρίπτουν κάθε λύσιν ἡ ὁποία θὰ ἐπιβραβεύσῃ τὴν ἐπιθετικότητα. Ἐξ ἄλλου, πληροφορίαι ἐκ Καΐρου ἀναφέρουν ὅτι ἡ Σοβιετικὴ Ἕνωσις ἀποστέλλει μεγάλας ποσότητας πολεμικοῦ ὑλικοῦ εἰς τὰς χώρας τῆς Μέσης Ἀνατολῆς, ἐνῷ εἰς τὴν Οὐάσιγκτων ἐπικρατεῖ ἀνησυχία διὰ τὴν ἐξέλιξιν τῆς καταστάσεως.

ΠΡΟΘΕΣΙΣ ΟΙ ΠΕΡΙΟΡΙΣΜΟΙ

Ὁ ἀντιπρόσωπος ἐτόνισεν ὅτι αἱ ἀραβικαὶ χῶραι ἀπορρίπτουν κάθε λύσιν ἡ ὁποία θὰ ἐπιβραβεύσῃ τὴν ἐπιθετικότητα. Ἐξ ἄλλου, πληροφορίαι ἐκ Καΐρου ἀναφέρουν ὅτι ἡ Σοβιετικὴ Ἕνωσις ἀποστέλλει μεγάλας ποσότητας πολεμικοῦ ὑλικοῦ εἰς τὰς χώρας τῆς Μέσης Ἀνατολῆς, ἐνῷ εἰς τὴν Οὐάσιγκτων ἐπικρατεῖ ἀνησυχία διὰ τὴν ἐξέλιξιν τῆς καταστάσεως.

ΕΝΤΟΛΗ ΠΡΕΣΤΙΣΚΟΝ ΠΕΡΙΟΡΙΣΜΟΙ

Ὁ ἀντιπρόσωπος ἐτόνισεν ὅτι αἱ ἀραβικαὶ χῶραι ἀπορρίπτουν κάθε λύσιν ἡ ὁποία θὰ ἐπιβραβεύσῃ τὴν ἐπιθετικότητα. Ἐξ ἄλλου, πληροφορίαι ἐκ Καΐρου ἀναφέρουν ὅτι ἡ Σοβιετικὴ Ἕνωσις ἀποστέλλει μεγάλας ποσότητας πολεμικοῦ ὑλικοῦ εἰς τὰς χώρας τῆς Μέσης Ἀνατολῆς, ἐνῷ εἰς τὴν Οὐάσιγκτων ἐπικρατεῖ ἀνησυχία διὰ τὴν ἐξέλιξιν τῆς καταστάσεως.

ΑΙ ΣΥΝΟΜΙΛΙΑΙ ΤΟΥ ΑΟΥΙΑΣ

Ὁ ἀντιπρόσωπος ἐτόνισεν ὅτι αἱ ἀραβικαὶ χῶραι ἀπορρίπτουν κάθε λύσιν ἡ ὁποία θὰ ἐπιβραβεύσῃ τὴν ἐπιθετικότητα. Ἐξ ἄλλου, πληροφορίαι ἐκ Καΐρου ἀναφέρουν ὅτι ἡ Σοβιετικὴ Ἕνωσις ἀποστέλλει μεγάλας ποσότητας πολεμικοῦ ὑλικοῦ εἰς τὰς χώρας τῆς Μέσης Ἀνατολῆς, ἐνῷ εἰς τὴν Οὐάσιγκτων ἐπικρατεῖ ἀνησυχία διὰ τὴν ἐξέλιξιν τῆς καταστάσεως.

ΕΚΚΛΗΣΙΣ ΠΡΟΣ ΤΟΝ ΟΗΕ

Ὁ ἀντιπρόσωπος ἐτόνισεν ὅτι αἱ ἀραβικαὶ χῶραι ἀπορρίπτουν κάθε λύσιν ἡ ὁποία θὰ ἐπιβραβεύσῃ τὴν ἐπιθετικότητα. Ἐξ ἄλλου, πληροφορίαι ἐκ Καΐρου ἀναφέρουν ὅτι ἡ Σοβιετικὴ Ἕνωσις ἀποστέλλει μεγάλας ποσότητας πολεμικοῦ ὑλικοῦ εἰς τὰς χώρας τῆς Μέσης Ἀνατολῆς, ἐνῷ εἰς τὴν Οὐάσιγκτων ἐπικρατεῖ ἀνησυχία διὰ τὴν ἐξέλιξιν τῆς καταστάσεως.

ΑΝΑΚΑΛΟΥΝΤΑΙ ΟΙ ΙΑΤΡΟΙ

Ὁ ἀντιπρόσωπος ἐτόνισεν ὅτι αἱ ἀραβικαὶ χῶραι ἀπορρίπτουν κάθε λύσιν ἡ ὁποία θὰ ἐπιβραβεύσῃ τὴν ἐπιθετικότητα. Ἐξ ἄλλου, πληροφορίαι ἐκ Καΐρου ἀναφέρουν ὅτι ἡ Σοβιετικὴ Ἕνωσις ἀποστέλλει μεγάλας ποσότητας πολεμικοῦ ὑλικοῦ εἰς τὰς χώρας τῆς Μέσης Ἀνατολῆς, ἐνῷ εἰς τὴν Οὐάσιγκτων ἐπικρατεῖ ἀνησυχία διὰ τὴν ἐξέλιξιν τῆς καταστάσεως.

Η ΣΥΝΕΙΣΦΟΡΑ ΤΗΣ ΕΛΛΑΔΟΣ

Ὁ ἀντιπρόσωπος ἐτόνισεν ὅτι αἱ ἀραβικαὶ χῶραι ἀπορρίπτουν κάθε λύσιν ἡ ὁποία θὰ ἐπιβραβεύσῃ τὴν ἐπιθετικότητα. Ἐξ ἄλλου, πληροφορίαι ἐκ Καΐρου ἀναφέρουν ὅτι ἡ Σοβιετικὴ Ἕνωσις ἀποστέλλει μεγάλας ποσότητας πολεμικοῦ ὑλικοῦ εἰς τὰς χώρας τῆς Μέσης Ἀνατολῆς, ἐνῷ εἰς τὴν Οὐάσιγκτων ἐπικρατεῖ ἀνησυχία διὰ τὴν ἐξέλιξιν τῆς καταστάσεως.

Η ΓΑΛΛΙΚΗ ΕΚΔΗΛΩΣΙΣ

Ὁ ἀντιπρόσωπος ἐτόνισεν ὅτι αἱ ἀραβικαὶ χῶραι ἀπορρίπτουν κάθε λύσιν ἡ ὁποία θὰ ἐπιβραβεύσῃ τὴν ἐπιθετικότητα. Ἐξ ἄλλου, πληροφορίαι ἐκ Καΐρου ἀναφέρουν ὅτι ἡ Σοβιετικὴ Ἕνωσις ἀποστέλλει μεγάλας ποσότητας πολεμικοῦ ὑλικοῦ εἰς τὰς χώρας τῆς Μέσης Ἀνατολῆς, ἐνῷ εἰς τὴν Οὐάσιγκτων ἐπικρατεῖ ἀνησυχία διὰ τὴν ἐξέλιξιν τῆς καταστάσεως.

Η ΑΓΓΛΙΚΗ ΒΟΗΘΕΙΑ

Ὁ ἀντιπρόσωπος ἐτόνισεν ὅτι αἱ ἀραβικαὶ χῶραι ἀπορρίπτουν κάθε λύσιν ἡ ὁποία θὰ ἐπιβραβεύσῃ τὴν ἐπιθετικότητα. Ἐξ ἄλλου, πληροφορίαι ἐκ Καΐρου ἀναφέρουν ὅτι ἡ Σοβιετικὴ Ἕνωσις ἀποστέλλει μεγάλας ποσότητας πολεμικοῦ ὑλικοῦ εἰς τὰς χώρας τῆς Μέσης Ἀνατολῆς, ἐνῷ εἰς τὴν Οὐάσιγκτων ἐπικρατεῖ ἀνησυχία διὰ τὴν ἐξέλιξιν τῆς καταστάσεως.

ΔΙΑΦΗΜΙΣΕΙΣ ΤΟΥ ΜΠΟΥΡΓΚΙΜΠΑ

Ὁ ἀντιπρόσωπος ἐτόνισεν ὅτι αἱ ἀραβικαὶ χῶραι ἀπορρίπτουν κάθε λύσιν ἡ ὁποία θὰ ἐπιβραβεύσῃ τὴν ἐπιθετικότητα. Ἐξ ἄλλου, πληροφορίαι ἐκ Καΐρου ἀναφέρουν ὅτι ἡ Σοβιετικὴ Ἕνωσις ἀποστέλλει μεγάλας ποσότητας πολεμικοῦ ὑλικοῦ εἰς τὰς χώρας τῆς Μέσης Ἀνατολῆς, ἐνῷ εἰς τὴν Οὐάσιγκτων ἐπικρατεῖ ἀνησυχία διὰ τὴν ἐξέλιξιν τῆς καταστάσεως.

ΠΑΡΑΒΙΑΣΙΣ ΤΗΣ ΕΚΕΧΕΙΡΙΑΣ

Ὁ ἀντιπρόσωπος ἐτόνισεν ὅτι αἱ ἀραβικαὶ χῶραι ἀπορρίπτουν κάθε λύσιν ἡ ὁποία θὰ ἐπιβραβεύσῃ τὴν ἐπιθετικότητα. Ἐξ ἄλλου, πληροφορίαι ἐκ Καΐρου ἀναφέρουν ὅτι ἡ Σοβιετικὴ Ἕνωσις ἀποστέλλει μεγάλας ποσότητας πολεμικοῦ ὑλικοῦ εἰς τὰς χώρας τῆς Μέσης Ἀνατολῆς, ἐνῷ εἰς τὴν Οὐάσιγκτων ἐπικρατεῖ ἀνησυχία διὰ τὴν ἐξέλιξιν τῆς καταστάσεως.

ΠΑΡΑΙΤΗΣΙΣ ΤΟΥ «ΠΡΑΒΔΑ»

Ὁ ἀντιπρόσωπος ἐτόνισεν ὅτι αἱ ἀραβικαὶ χῶραι ἀπορρίπτουν κάθε λύσιν ἡ ὁποία θὰ ἐπιβραβεύσῃ τὴν ἐπιθετικότητα. Ἐξ ἄλλου, πληροφορίαι ἐκ Καΐρου ἀναφέρουν ὅτι ἡ Σοβιετικὴ Ἕνωσις ἀποστέλλει μεγάλας ποσότητας πολεμικοῦ ὑλικοῦ εἰς τὰς χώρας τῆς Μέσης Ἀνατολῆς, ἐνῷ εἰς τὴν Οὐάσιγκτων ἐπικρατεῖ ἀνησυχία διὰ τὴν ἐξέλιξιν τῆς καταστάσεως.

ΚΑΤΑΠΤΗΣΙΣ ΕΡΓΑΤΩΝ

Ὁ ἀντιπρόσωπος ἐτόνισεν ὅτι αἱ ἀραβικαὶ χῶραι ἀπορρίπτουν κάθε λύσιν ἡ ὁποία θὰ ἐπιβραβεύσῃ τὴν ἐπιθετικότητα. Ἐξ ἄλλου, πληροφορίαι ἐκ Καΐρου ἀναφέρουν ὅτι ἡ Σοβιετικὴ Ἕνωσις ἀποστέλλει μεγάλας ποσότητας πολεμικοῦ ὑλικοῦ εἰς τὰς χώρας τῆς Μέσης Ἀνατολῆς, ἐνῷ εἰς τὴν Οὐάσιγκτων ἐπικρατεῖ ἀνησυχία διὰ τὴν ἐξέλιξιν τῆς καταστάσεως.

ΟΥΔΕΝ ΕΛΛΗΝΙΚΟΝ ΑΠΕΚΛΕΙΣΘΗ

Ὁ ἀντιπρόσωπος ἐτόνισεν ὅτι αἱ ἀραβικαὶ χῶραι ἀπορρίπτουν κάθε λύσιν ἡ ὁποία θὰ ἐπιβραβεύσῃ τὴν ἐπιθετικότητα. Ἐξ ἄλλου, πληροφορίαι ἐκ Καΐρου ἀναφέρουν ὅτι ἡ Σοβιετικὴ Ἕνωσις ἀποστέλλει μεγάλας ποσότητας πολεμικοῦ ὑλικοῦ εἰς τὰς χώρας τῆς Μέσης Ἀνατολῆς, ἐνῷ εἰς τὴν Οὐάσιγκτων ἐπικρατεῖ ἀνησυχία διὰ τὴν ἐξέλιξιν τῆς καταστάσεως.

ΕΥΧΑΡΙΣΤΙΑΙ ΤΟΝ ΝΤΕ ΓΚΩΛ

Ὁ ἀντιπρόσωπος ἐτόνισεν ὅτι αἱ ἀραβικαὶ χῶραι ἀπορρίπτουν κάθε λύσιν ἡ ὁποία θὰ ἐπιβραβεύσῃ τὴν ἐπιθετικότητα. Ἐξ ἄλλου, πληροφορίαι ἐκ Καΐρου ἀναφέρουν ὅτι ἡ Σοβιετικὴ Ἕνωσις ἀποστέλλει μεγάλας ποσότητας πολεμικοῦ ὑλικοῦ εἰς τὰς χώρας τῆς Μέσης Ἀνατολῆς, ἐνῷ εἰς τὴν Οὐάσιγκτων ἐπικρατεῖ ἀνησυχία διὰ τὴν ἐξέλιξιν τῆς καταστάσεως.

Ο ΠΡΙΓΚΗΨ ΑΓΑ ΧΑΝ

Ὁ ἀντιπρόσωπος ἐτόνισεν ὅτι αἱ ἀραβικαὶ χῶραι ἀπορρίπτουν κάθε λύσιν ἡ ὁποία θὰ ἐπιβραβεύσῃ τὴν ἐπιθετικότητα. Ἐξ ἄλλου, πληροφορίαι ἐκ Καΐρου ἀναφέρουν ὅτι ἡ Σοβιετικὴ Ἕνωσις ἀποστέλλει μεγάλας ποσότητας πολεμικοῦ ὑλικοῦ εἰς τὰς χώρας τῆς Μέσης Ἀνατολῆς, ἐνῷ εἰς τὴν Οὐάσιγκτων ἐπικρατεῖ ἀνησυχία διὰ τὴν ἐξέλιξιν τῆς καταστάσεως.

ΣΤΡΑΤΙΩΤΙΚΟΝ ΣΤΟ ΣΟΟΠΕΛΟΝ

Ὁ ἀντιπρόσωπος ἐτόνισεν ὅτι αἱ ἀραβικαὶ χῶραι ἀπορρίπτουν κάθε λύσιν ἡ ὁποία θὰ ἐπιβραβεύσῃ τὴν ἐπιθετικότητα. Ἐξ ἄλλου, πληροφορίαι ἐκ Καΐρου ἀναφέρουν ὅτι ἡ Σοβιετικὴ Ἕνωσις ἀποστέλλει μεγάλας ποσότητας πολεμικοῦ ὑλικοῦ εἰς τὰς χώρας τῆς Μέσης Ἀνατολῆς, ἐνῷ εἰς τὴν Οὐάσιγκτων ἐπικρατεῖ ἀνησυχία διὰ τὴν ἐξέλιξιν τῆς καταστάσεως.

Σελὶς 5
ΠΥΡΗΝΙΚΟΝ ΟΠΛΟΣΤΑΣΙΟΝ ΤΗΣ ΛΑ·Ι·ΚΗΣ ΚΙΝΑΣ ΚΑΤΕΛΗΦΘΗ ΤΩΝ ΑΝΤΙΠΑΛΩΝ ΤΟΥ ΜΑΟ
15.000 ΕΝ ΣΥΝΟΛΩ ΝΕΚΡΟΙ ΕΙΣ ΤΑΣ ΣΥΓΚΡΟΥΣΕΙΣ

ΧΟΝΓΚ ΚΟΝΓΚ, 20. (Ἡνωμ. Τύπος).— Αἱ ἀντίπαλοι ὁμάδες τῶν Ἐρυθροφρουρῶν συνεκρούσθησαν καὶ πάλιν εἰς διαφόρους ἐπαρχίας τῆς Κίνας. Κατὰ τὰς πληροφορίας, ὁ ἀριθμὸς τῶν νεκρῶν ἀνέρχεται εἰς 15.000, ἐνῷ ἀναφέρεται ὅτι οἱ ἀντίπαλοι τοῦ Μάο κατέλαβον τὸ πυρηνικὸν ὁπλοστάσιον.

ΑΠΗΓΟΡΕΥΘΗ Η ΜΕΤΑΒΑΣΙΣ ΡΩΣΣΟΥ ΠΟΙΗΤΟΥ ΕΙΣ ΝΕΑΝ ΥΟΡΚΗΝ

ΧΟΝΓΚ ΚΟΝΓΚ, 20. (Ἡνωμ. Τύπος).— Αἱ ἀντίπαλοι ὁμάδες τῶν Ἐρυθροφρουρῶν συνεκρούσθησαν καὶ πάλιν εἰς διαφόρους ἐπαρχίας τῆς Κίνας. Κατὰ τὰς πληροφορίας, ὁ ἀριθμὸς τῶν νεκρῶν ἀνέρχεται εἰς 15.000, ἐνῷ ἀναφέρεται ὅτι οἱ ἀντίπαλοι τοῦ Μάο κατέλαβον τὸ πυρηνικὸν ὁπλοστάσιον.

ΜΕΓΑΛΗ ΠΥΡΚΑΓΙΑ ΕΙΣ ΑΜΕΡΙΚΑΝΙΚΗΝ ΑΠΟΘΗΚΗΝ ΠΥΡΟΜΑΧΙΚΩΝ

ΧΟΝΓΚ ΚΟΝΓΚ, 20. (Ἡνωμ. Τύπος).— Αἱ ἀντίπαλοι ὁμάδες τῶν Ἐρυθροφρουρῶν συνεκρούσθησαν καὶ πάλιν εἰς διαφόρους ἐπαρχίας τῆς Κίνας. Κατὰ τὰς πληροφορίας, ὁ ἀριθμὸς τῶν νεκρῶν ἀνέρχεται εἰς 15.000, ἐνῷ ἀναφέρεται ὅτι οἱ ἀντίπαλοι τοῦ Μάο κατέλαβον τὸ πυρηνικὸν ὁπλοστάσιον.

ΔΥΟ ΚΑΧΑΡΙΑΙ ΕΠΙΑ ΜΕΤΡΩΝ ΕΙΣ ΤΑ ΔΙΚΤΥΑ ΑΛΙΕΩΣ

ΧΟΝΓΚ ΚΟΝΓΚ, 20. (Ἡνωμ. Τύπος).— Αἱ ἀντίπαλοι ὁμάδες τῶν Ἐρυθροφρουρῶν συνεκρούσθησαν καὶ πάλιν εἰς διαφόρους ἐπαρχίας τῆς Κίνας. Κατὰ τὰς πληροφορίας, ὁ ἀριθμὸς τῶν νεκρῶν ἀνέρχεται εἰς 15.000, ἐνῷ ἀναφέρεται ὅτι οἱ ἀντίπαλοι τοῦ Μάο κατέλαβον τὸ πυρηνικὸν ὁπλοστάσιον.

ΑΝΕΒΛΗΘΗ Η ΔΙΚΗ ΤΟΥ ΦΥΓΟΣΤΡΑΤΟΥ ΚΑΣΙΟΥΣ ΚΛΑΙΗ

ΧΟΝΓΚ ΚΟΝΓΚ, 20. (Ἡνωμ. Τύπος).— Αἱ ἀντίπαλοι ὁμάδες τῶν Ἐρυθροφρουρῶν συνεκρούσθησαν καὶ πάλιν εἰς διαφόρους ἐπαρχίας τῆς Κίνας. Κατὰ τὰς πληροφορίας, ὁ ἀριθμὸς τῶν νεκρῶν ἀνέρχεται εἰς 15.000, ἐνῷ ἀναφέρεται ὅτι οἱ ἀντίπαλοι τοῦ Μάο κατέλαβον τὸ πυρηνικὸν ὁπλοστάσιον.

ΕΠΟΧΕΙΤΟ ΜΟΤΟΣΥΚΛΕΤΤΑΣ ΜΕ ΤΑ ΕΧΘΡΟΥ ΤΗΣ

ΧΟΝΓΚ ΚΟΝΓΚ, 20. (Ἡνωμ. Τύπος).— Αἱ ἀντίπαλοι ὁμάδες τῶν Ἐρυθροφρουρῶν συνεκρούσθησαν καὶ πάλιν εἰς διαφόρους ἐπαρχίας τῆς Κίνας. Κατὰ τὰς πληροφορίας, ὁ ἀριθμὸς τῶν νεκρῶν ἀνέρχεται εἰς 15.000, ἐνῷ ἀναφέρεται ὅτι οἱ ἀντίπαλοι τοῦ Μάο κατέλαβον τὸ πυρηνικὸν ὁπλοστάσιον.

Ο ΛΩΡΕΝΣ ΟΛΙΒΙΕ ΠΡΟΣΕΒΛΗΘΗ ΑΠΟ ΚΑΡΚΙΝΟΝ

ΧΟΝΓΚ ΚΟΝΓΚ, 20. (Ἡνωμ. Τύπος).— Αἱ ἀντίπαλοι ὁμάδες τῶν Ἐρυθροφρουρῶν συνεκρούσθησαν καὶ πάλιν εἰς διαφόρους ἐπαρχίας τῆς Κίνας. Κατὰ τὰς πληροφορίας, ὁ ἀριθμὸς τῶν νεκρῶν ἀνέρχεται εἰς 15.000, ἐνῷ ἀναφέρεται ὅτι οἱ ἀντίπαλοι τοῦ Μάο κατέλαβον τὸ πυρηνικὸν ὁπλοστάσιον.

ΒΕΛΓΟΣ ΥΠΗΚΟΟΣ ΗΚΡΩΤΗΡΙΑΣΘΗ ΥΠΟ ΚΟΓΚΟΛΕΖΩΝ

ΧΟΝΓΚ ΚΟΝΓΚ, 20. (Ἡνωμ. Τύπος).— Αἱ ἀντίπαλοι ὁμάδες τῶν Ἐρυθροφρουρῶν συνεκρούσθησαν καὶ πάλιν εἰς διαφόρους ἐπαρχίας τῆς Κίνας. Κατὰ τὰς πληροφορίας, ὁ ἀριθμὸς τῶν νεκρῶν ἀνέρχεται εἰς 15.000, ἐνῷ ἀναφέρεται ὅτι οἱ ἀντίπαλοι τοῦ Μάο κατέλαβον τὸ πυρηνικὸν ὁπλοστάσιον.

ΕΚΛΕΨΑΝ ΒΙΔΑΣ 25.000 ΛΙΒΡΩΝ

ΧΟΝΓΚ ΚΟΝΓΚ, 20. (Ἡνωμ. Τύπος).— Αἱ ἀντίπαλοι ὁμάδες τῶν Ἐρυθροφρουρῶν συνεκρούσθησαν καὶ πάλιν εἰς διαφόρους ἐπαρχίας τῆς Κίνας. Κατὰ τὰς πληροφορίας, ὁ ἀριθμὸς τῶν νεκρῶν ἀνέρχεται εἰς 15.000, ἐνῷ ἀναφέρεται ὅτι οἱ ἀντίπαλοι τοῦ Μάο κατέλαβον τὸ πυρηνικὸν ὁπλοστάσιον.

ΙΣΧΥΡΟΣ ΣΕΙΣΜΟΣ ΕΙΣ ΤΑΣΚΕΝΔΗΝ

ΧΟΝΓΚ ΚΟΝΓΚ, 20. (Ἡνωμ. Τύπος).— Αἱ ἀντίπαλοι ὁμάδες τῶν Ἐρυθροφρουρῶν συνεκρούσθησαν καὶ πάλιν εἰς διαφόρους ἐπαρχίας τῆς Κίνας. Κατὰ τὰς πληροφορίας, ὁ ἀριθμὸς τῶν νεκρῶν ἀνέρχεται εἰς 15.000, ἐνῷ ἀναφέρεται ὅτι οἱ ἀντίπαλοι τοῦ Μάο κατέλαβον τὸ πυρηνικὸν ὁπλοστάσιον.

Η ΙΑΠΩΝΙΑ ΔΕΝ ΑΓΟΡΑΖΕΙ ΒΟΥΛΓΑΡΙΚΟΝ ΣΙΤΟΝ

ΧΟΝΓΚ ΚΟΝΓΚ, 20. (Ἡνωμ. Τύπος).— Αἱ ἀντίπαλοι ὁμάδες τῶν Ἐρυθροφρουρῶν συνεκρούσθησαν καὶ πάλιν εἰς διαφόρους ἐπαρχίας τῆς Κίνας. Κατὰ τὰς πληροφορίας, ὁ ἀριθμὸς τῶν νεκρῶν ἀνέρχεται εἰς 15.000, ἐνῷ ἀναφέρεται ὅτι οἱ ἀντίπαλοι τοῦ Μάο κατέλαβον τὸ πυρηνικὸν ὁπλοστάσιον.

ΤΟ ΠΑΡΙΣΙ ΑΠΟΚΤΑ ΟΥΡΑΝΟΞΥΣΤΑΣ

ΧΟΝΓΚ ΚΟΝΓΚ, 20. (Ἡνωμ. Τύπος).— Αἱ ἀντίπαλοι ὁμάδες τῶν Ἐρυθροφρουρῶν συνεκρούσθησαν καὶ πάλιν εἰς διαφόρους ἐπαρχίας τῆς Κίνας. Κατὰ τὰς πληροφορίας, ὁ ἀριθμὸς τῶν νεκρῶν ἀνέρχεται εἰς 15.000, ἐνῷ ἀναφέρεται ὅτι οἱ ἀντίπαλοι τοῦ Μάο κατέλαβον τὸ πυρηνικὸν ὁπλοστάσιον.

Ο ΚΙΖΙΝΓΚΕΡ ΕΙΣ ΒΕΡΟΛΙΝΟΝ

ΧΟΝΓΚ ΚΟΝΓΚ, 20. (Ἡνωμ. Τύπος).— Αἱ ἀντίπαλοι ὁμάδες τῶν Ἐρυθροφρουρῶν συνεκρούσθησαν καὶ πάλιν εἰς διαφόρους ἐπαρχίας τῆς Κίνας. Κατὰ τὰς πληροφορίας, ὁ ἀριθμὸς τῶν νεκρῶν ἀνέρχεται εἰς 15.000, ἐνῷ ἀναφέρεται ὅτι οἱ ἀντίπαλοι τοῦ Μάο κατέλαβον τὸ πυρηνικὸν ὁπλοστάσιον.
